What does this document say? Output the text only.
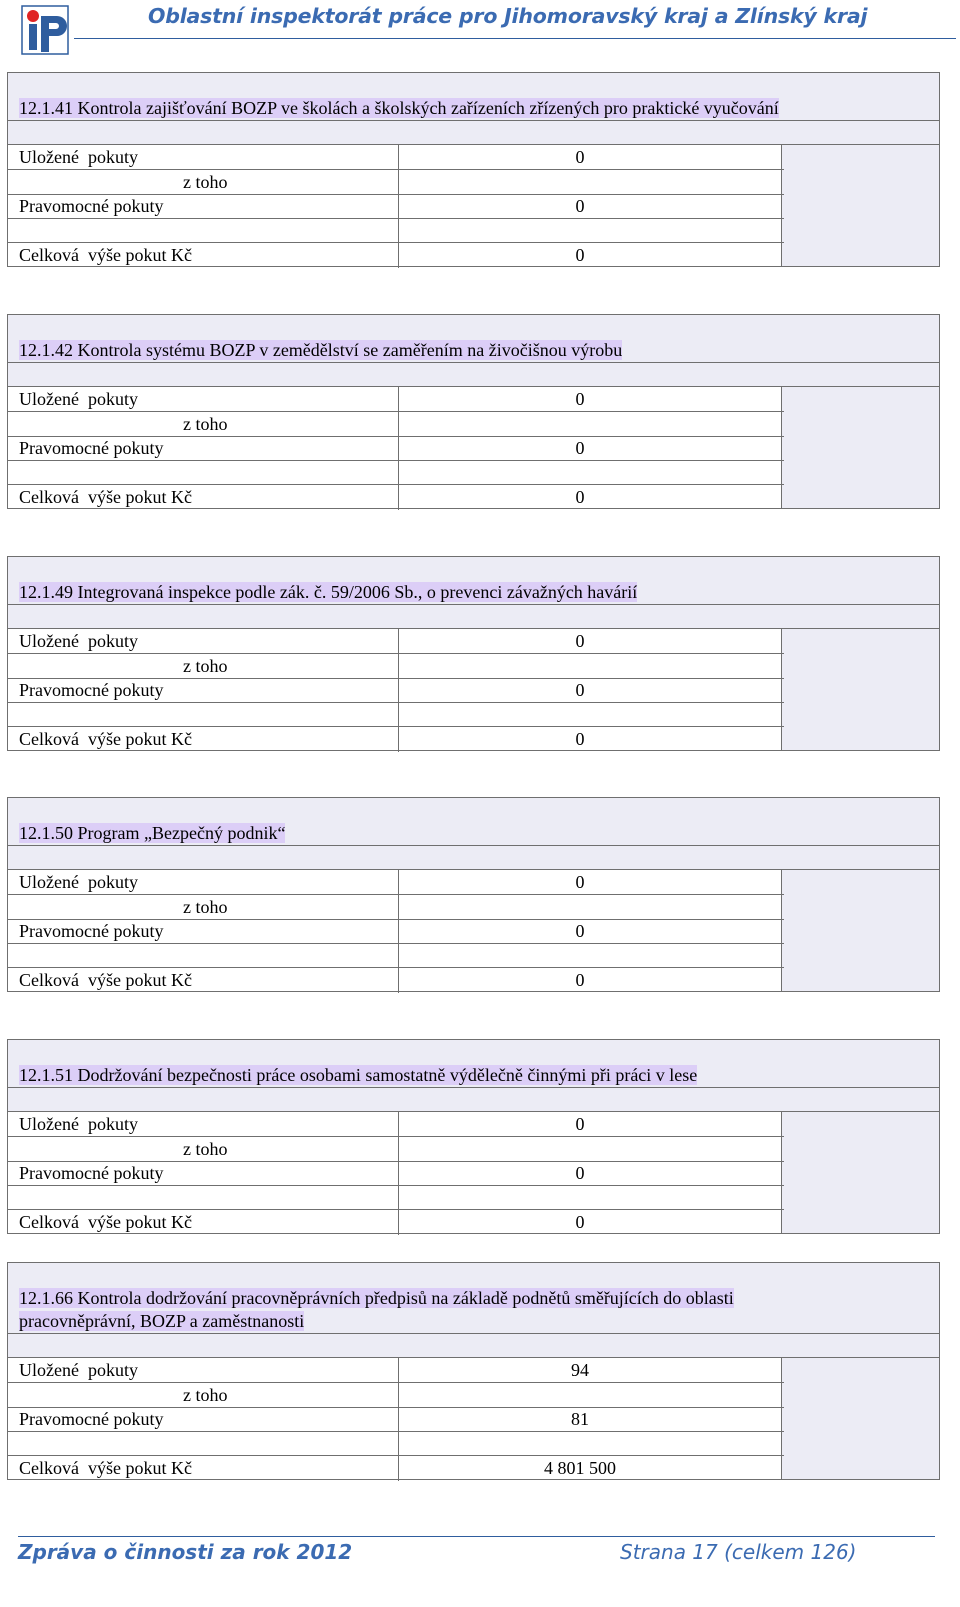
Oblastní inspektorát práce pro Jihomoravský kraj a Zlínský kraj
12.1.41 Kontrola zajišťování BOZP ve školách a školských zařízeních zřízených pro praktické vyučování
Uložené  pokuty	0
z toho
Pravomocné pokuty	0
Celková  výše pokut Kč	0
12.1.42 Kontrola systému BOZP v zemědělství se zaměřením na živočišnou výrobu
Uložené  pokuty	0
z toho
Pravomocné pokuty	0
Celková  výše pokut Kč	0
12.1.49 Integrovaná inspekce podle zák. č. 59/2006 Sb., o prevenci závažných havárií
Uložené  pokuty	0
z toho
Pravomocné pokuty	0
Celková  výše pokut Kč	0
12.1.50 Program „Bezpečný podnik“
Uložené  pokuty	0
z toho
Pravomocné pokuty	0
Celková  výše pokut Kč	0
12.1.51 Dodržování bezpečnosti práce osobami samostatně výdělečně činnými při práci v lese
Uložené  pokuty	0
z toho
Pravomocné pokuty	0
Celková  výše pokut Kč	0
12.1.66 Kontrola dodržování pracovněprávních předpisů na základě podnětů směřujících do oblasti
pracovněprávní, BOZP a zaměstnanosti
Uložené  pokuty	94
z toho
Pravomocné pokuty	81
Celková  výše pokut Kč	4 801 500
Zpráva o činnosti za rok 2012	Strana 17 (celkem 126)
